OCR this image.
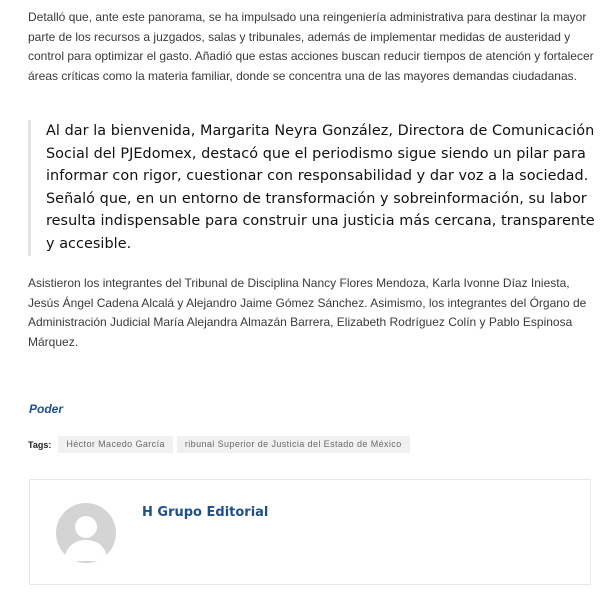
Detalló que, ante este panorama, se ha impulsado una reingeniería administrativa para destinar la mayor parte de los recursos a juzgados, salas y tribunales, además de implementar medidas de austeridad y control para optimizar el gasto. Añadió que estas acciones buscan reducir tiempos de atención y fortalecer áreas críticas como la materia familiar, donde se concentra una de las mayores demandas ciudadanas.

Al dar la bienvenida, Margarita Neyra González, Directora de Comunicación Social del PJEdomex, destacó que el periodismo sigue siendo un pilar para informar con rigor, cuestionar con responsabilidad y dar voz a la sociedad. Señaló que, en un entorno de transformación y sobreinformación, su labor resulta indispensable para construir una justicia más cercana, transparente y accesible.

Asistieron los integrantes del Tribunal de Disciplina Nancy Flores Mendoza, Karla Ivonne Díaz Iniesta, Jesús Ángel Cadena Alcalá y Alejandro Jaime Gómez Sánchez. Asimismo, los integrantes del Órgano de Administración Judicial María Alejandra Almazán Barrera, Elizabeth Rodríguez Colín y Pablo Espinosa Márquez.

Poder
Tags:	Héctor Macedo García	ribunal Superior de Justicia del Estado de México
H Grupo Editorial
